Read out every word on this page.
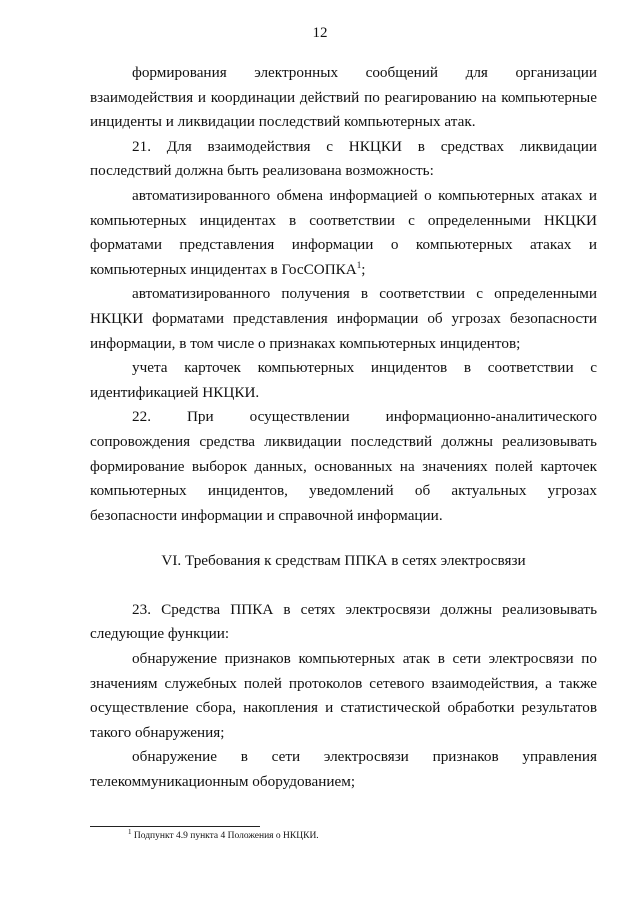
12

формирования электронных сообщений для организации взаимодействия и координации действий по реагированию на компьютерные инциденты и ликвидации последствий компьютерных атак.

21. Для взаимодействия с НКЦКИ в средствах ликвидации последствий должна быть реализована возможность:

автоматизированного обмена информацией о компьютерных атаках и компьютерных инцидентах в соответствии с определенными НКЦКИ форматами представления информации о компьютерных атаках и компьютерных инцидентах в ГосСОПКА$^1$;

автоматизированного получения в соответствии с определенными НКЦКИ форматами представления информации об угрозах безопасности информации, в том числе о признаках компьютерных инцидентов;

учета карточек компьютерных инцидентов в соответствии с идентификацией НКЦКИ.

22. При осуществлении информационно-аналитического сопровождения средства ликвидации последствий должны реализовывать формирование выборок данных, основанных на значениях полей карточек компьютерных инцидентов, уведомлений об актуальных угрозах безопасности информации и справочной информации.

VI. Требования к средствам ППКА в сетях электросвязи

23. Средства ППКА в сетях электросвязи должны реализовывать следующие функции:

обнаружение признаков компьютерных атак в сети электросвязи по значениям служебных полей протоколов сетевого взаимодействия, а также осуществление сбора, накопления и статистической обработки результатов такого обнаружения;

обнаружение в сети электросвязи признаков управления телекоммуникационным оборудованием;

$^1$ Подпункт 4.9 пункта 4 Положения о НКЦКИ.
